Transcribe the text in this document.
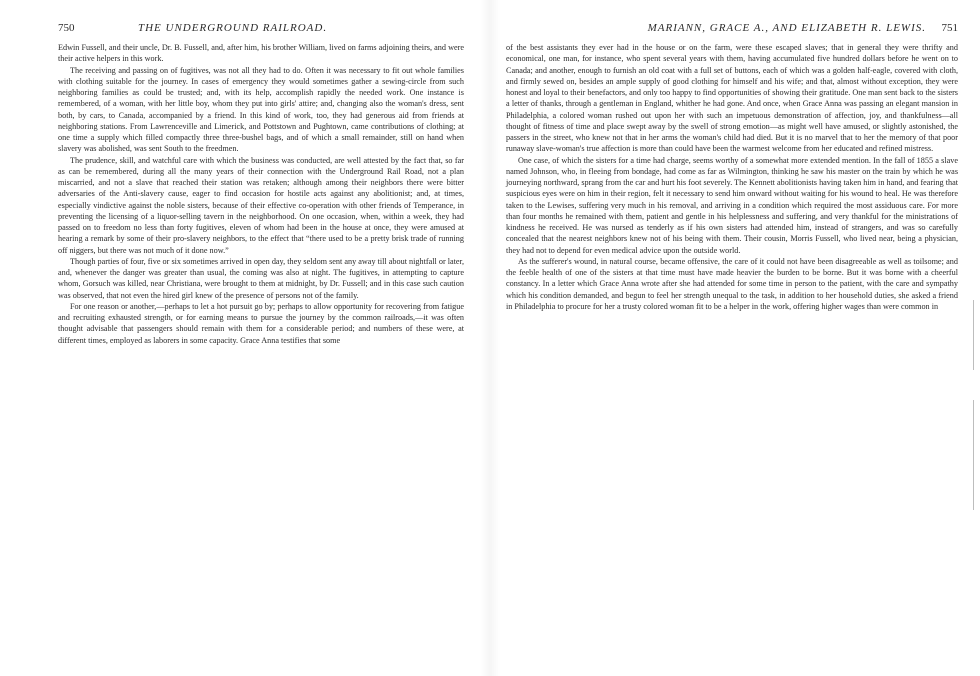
750	THE UNDERGROUND RAILROAD.

Edwin Fussell, and their uncle, Dr. B. Fussell, and, after him, his brother William, lived on farms adjoining theirs, and were their active helpers in this work.

The receiving and passing on of fugitives, was not all they had to do. Often it was necessary to fit out whole families with clothing suitable for the journey. In cases of emergency they would sometimes gather a sewing-circle from such neighboring families as could be trusted; and, with its help, accomplish rapidly the needed work. One instance is remembered, of a woman, with her little boy, whom they put into girls' attire; and, changing also the woman's dress, sent both, by cars, to Canada, accompanied by a friend. In this kind of work, too, they had generous aid from friends at neighboring stations. From Lawrenceville and Limerick, and Pottstown and Pughtown, came contributions of clothing; at one time a supply which filled compactly three three-bushel bags, and of which a small remainder, still on hand when slavery was abolished, was sent South to the freedmen.

The prudence, skill, and watchful care with which the business was conducted, are well attested by the fact that, so far as can be remembered, during all the many years of their connection with the Underground Rail Road, not a plan miscarried, and not a slave that reached their station was retaken; although among their neighbors there were bitter adversaries of the Anti-slavery cause, eager to find occasion for hostile acts against any abolitionist; and, at times, especially vindictive against the noble sisters, because of their effective co-operation with other friends of Temperance, in preventing the licensing of a liquor-selling tavern in the neighborhood. On one occasion, when, within a week, they had passed on to freedom no less than forty fugitives, eleven of whom had been in the house at once, they were amused at hearing a remark by some of their pro-slavery neighbors, to the effect that “there used to be a pretty brisk trade of running off niggers, but there was not much of it done now.”

Though parties of four, five or six sometimes arrived in open day, they seldom sent any away till about nightfall or later, and, whenever the danger was greater than usual, the coming was also at night. The fugitives, in attempting to capture whom, Gorsuch was killed, near Christiana, were brought to them at midnight, by Dr. Fussell; and in this case such caution was observed, that not even the hired girl knew of the presence of persons not of the family.

For one reason or another,—perhaps to let a hot pursuit go by; perhaps to allow opportunity for recovering from fatigue and recruiting exhausted strength, or for earning means to pursue the journey by the common railroads,—it was often thought advisable that passengers should remain with them for a considerable period; and numbers of these were, at different times, employed as laborers in some capacity. Grace Anna testifies that some

MARIANN, GRACE A., AND ELIZABETH R. LEWIS. 751

of the best assistants they ever had in the house or on the farm, were these escaped slaves; that in general they were thrifty and economical, one man, for instance, who spent several years with them, having accumulated five hundred dollars before he went on to Canada; and another, enough to furnish an old coat with a full set of buttons, each of which was a golden half-eagle, covered with cloth, and firmly sewed on, besides an ample supply of good clothing for himself and his wife; and that, almost without exception, they were honest and loyal to their benefactors, and only too happy to find opportunities of showing their gratitude. One man sent back to the sisters a letter of thanks, through a gentleman in England, whither he had gone. And once, when Grace Anna was passing an elegant mansion in Philadelphia, a colored woman rushed out upon her with such an impetuous demonstration of affection, joy, and thankfulness—all thought of fitness of time and place swept away by the swell of strong emotion—as might well have amused, or slightly astonished, the passers in the street, who knew not that in her arms the woman's child had died. But it is no marvel that to her the memory of that poor runaway slave-woman's true affection is more than could have been the warmest welcome from her educated and refined mistress.

One case, of which the sisters for a time had charge, seems worthy of a somewhat more extended mention. In the fall of 1855 a slave named Johnson, who, in fleeing from bondage, had come as far as Wilmington, thinking he saw his master on the train by which he was journeying northward, sprang from the car and hurt his foot severely. The Kennett abolitionists having taken him in hand, and fearing that suspicious eyes were on him in their region, felt it necessary to send him onward without waiting for his wound to heal. He was therefore taken to the Lewises, suffering very much in his removal, and arriving in a condition which required the most assiduous care. For more than four months he remained with them, patient and gentle in his helplessness and suffering, and very thankful for the ministrations of kindness he received. He was nursed as tenderly as if his own sisters had attended him, instead of strangers, and was so carefully concealed that the nearest neighbors knew not of his being with them. Their cousin, Morris Fussell, who lived near, being a physician, they had not to depend for even medical advice upon the outside world.

As the sufferer's wound, in natural course, became offensive, the care of it could not have been disagreeable as well as toilsome; and the feeble health of one of the sisters at that time must have made heavier the burden to be borne. But it was borne with a cheerful constancy. In a letter which Grace Anna wrote after she had attended for some time in person to the patient, with the care and sympathy which his condition demanded, and begun to feel her strength unequal to the task, in addition to her household duties, she asked a friend in Philadelphia to procure for her a trusty colored woman fit to be a helper in the work, offering higher wages than were common in
